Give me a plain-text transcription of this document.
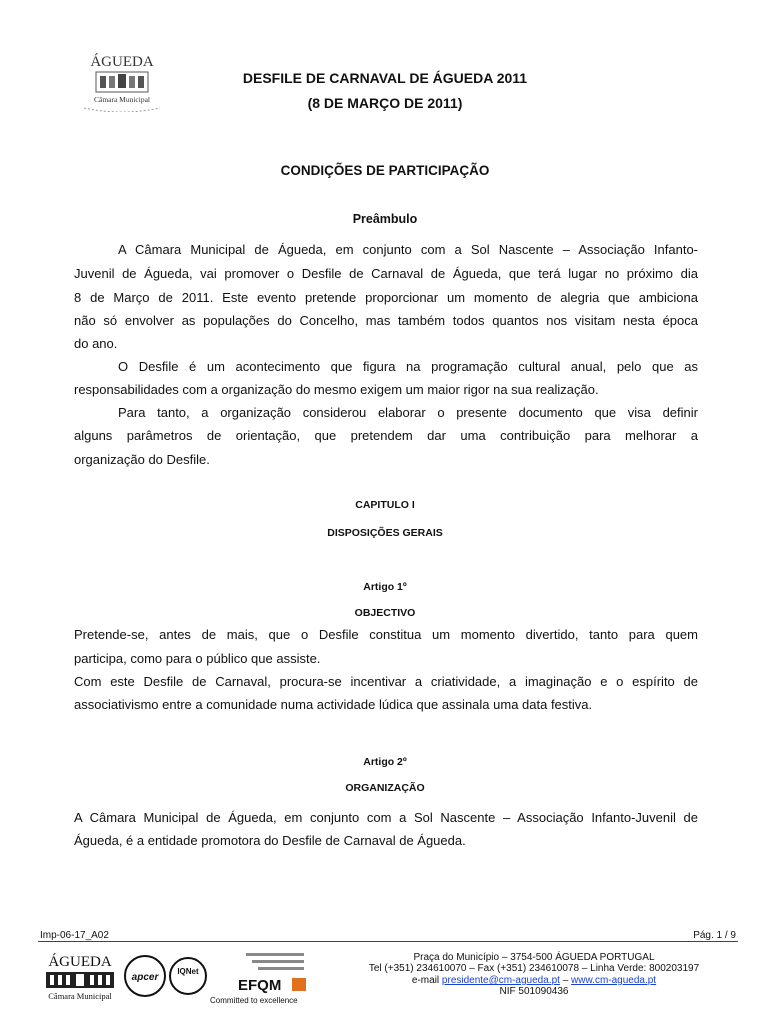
ÁGUEDA
Câmara Municipal
DESFILE DE CARNAVAL DE ÁGUEDA 2011
(8 DE MARÇO DE 2011)
CONDIÇÕES DE PARTICIPAÇÃO
Preâmbulo
A Câmara Municipal de Águeda, em conjunto com a Sol Nascente – Associação Infanto-
Juvenil de Águeda, vai promover o Desfile de Carnaval de Águeda, que terá lugar no próximo dia
8 de Março de 2011. Este evento pretende proporcionar um momento de alegria que ambiciona
não só envolver as populações do Concelho, mas também todos quantos nos visitam nesta época
do ano.
O Desfile é um acontecimento que figura na programação cultural anual, pelo que as
responsabilidades com a organização do mesmo exigem um maior rigor na sua realização.
Para tanto, a organização considerou elaborar o presente documento que visa definir
alguns parâmetros de orientação, que pretendem dar uma contribuição para melhorar a
organização do Desfile.
CAPITULO I
DISPOSIÇÕES GERAIS
Artigo 1º
OBJECTIVO
Pretende-se, antes de mais, que o Desfile constitua um momento divertido, tanto para quem
participa, como para o público que assiste.
Com este Desfile de Carnaval, procura-se incentivar a criatividade, a imaginação e o espírito de
associativismo entre a comunidade numa actividade lúdica que assinala uma data festiva.
Artigo 2º
ORGANIZAÇÃO
A Câmara Municipal de Águeda, em conjunto com a Sol Nascente – Associação Infanto-Juvenil de
Águeda, é a entidade promotora do Desfile de Carnaval de Águeda.
Imp-06-17_A02	Pág. 1 / 9
ÁGUEDA
Câmara Municipal
apcer
IQNet
EFQM
Committed to excellence
Praça do Município – 3754-500 ÁGUEDA PORTUGAL
Tel (+351) 234610070 – Fax (+351) 234610078 – Linha Verde: 800203197
e-mail presidente@cm-agueda.pt – www.cm-agueda.pt
NIF 501090436
